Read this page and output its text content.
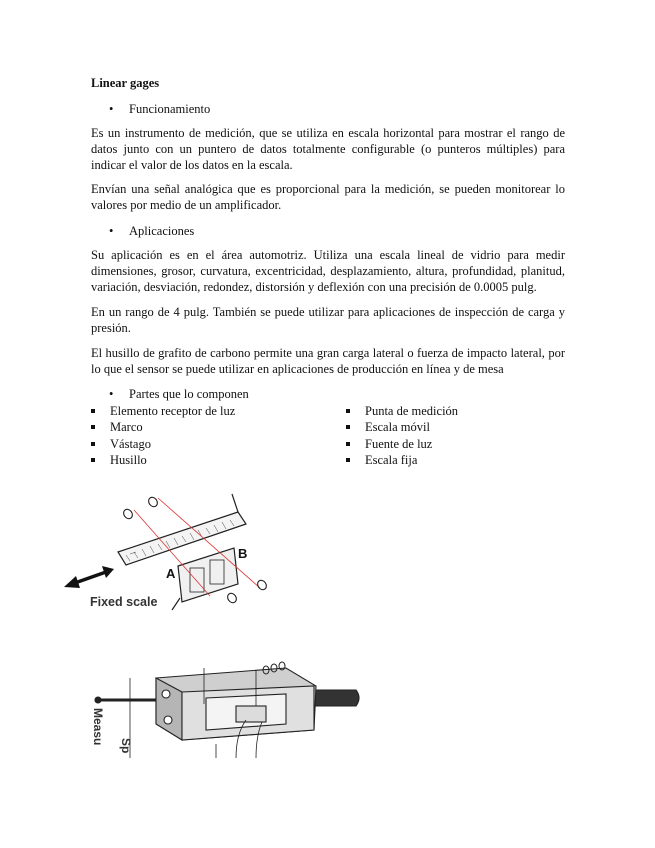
Linear gages
• Funcionamiento

Es un instrumento de medición, que se utiliza en escala horizontal para mostrar el rango de datos junto con un puntero de datos totalmente configurable (o punteros múltiples) para indicar el valor de los datos en la escala.

Envían una señal analógica que es proporcional para la medición, se pueden monitorear lo valores por medio de un amplificador.

• Aplicaciones

Su aplicación es en el área automotriz. Utiliza una escala lineal de vidrio para medir dimensiones, grosor, curvatura, excentricidad, desplazamiento, altura, profundidad, planitud, variación, desviación, redondez, distorsión y deflexión con una precisión de 0.0005 pulg.

En un rango de 4 pulg. También se puede utilizar para aplicaciones de inspección de carga y presión.

El husillo de grafito de carbono permite una gran carga lateral o fuerza de impacto lateral, por lo que el sensor se puede utilizar en aplicaciones de producción en línea y de mesa

• Partes que lo componen
Elemento receptor de luz
Marco
Vástago
Husillo
Punta de medición
Escala móvil
Fuente de luz
Escala fija
A
B
Fixed scale
Measu
Sp
